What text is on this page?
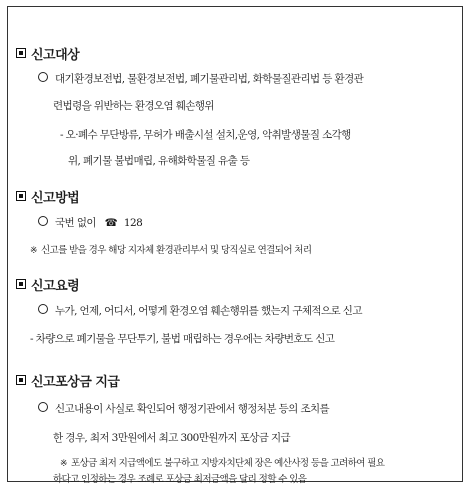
신고대상
대기환경보전법, 물환경보전법, 폐기물관리법, 화학물질관리법 등 환경관
련법령을 위반하는 환경오염 훼손행위
- 오·폐수 무단방류, 무허가 배출시설 설치,운영, 악취발생물질 소각행
위, 폐기물 불법매립, 유해화학물질 유출 등
신고방법
국번 없이 ☎ 128
※ 신고를 받을 경우 해당 지자체 환경관리부서 및 당직실로 연결되어 처리
신고요령
누가, 언제, 어디서, 어떻게 환경오염 훼손행위를 했는지 구체적으로 신고
- 차량으로 폐기물을 무단투기, 불법 매립하는 경우에는 차량번호도 신고
신고포상금 지급
신고내용이 사실로 확인되어 행정기관에서 행정처분 등의 조치를
한 경우, 최저 3만원에서 최고 300만원까지 포상금 지급
※ 포상금 최저 지급액에도 불구하고 지방자치단체 장은 예산사정 등을 고려하여 필요
하다고 인정하는 경우 조례로 포상금 최저금액을 달리 정할 수 있음
